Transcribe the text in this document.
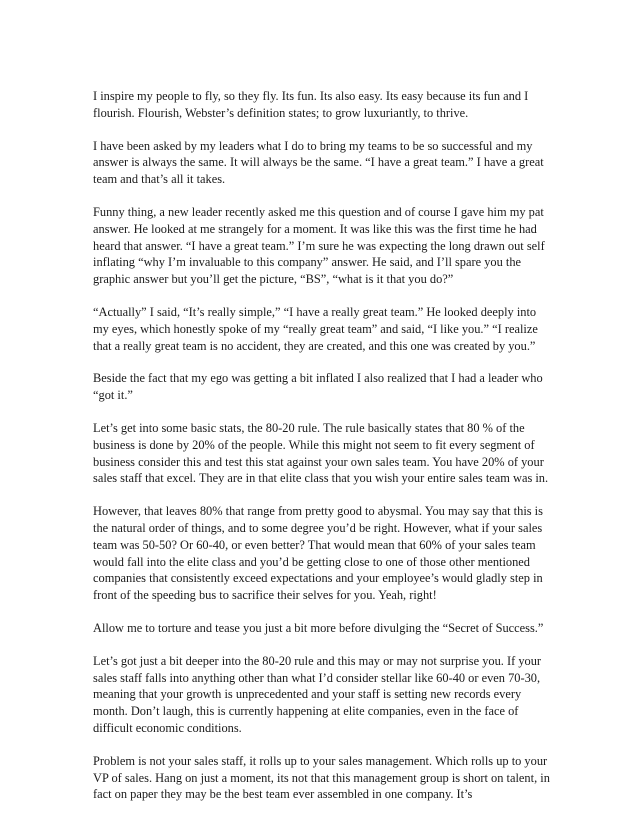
I inspire my people to fly, so they fly. Its fun. Its also easy. Its easy because its fun and I flourish. Flourish, Webster’s definition states; to grow luxuriantly, to thrive.

I have been asked by my leaders what I do to bring my teams to be so successful and my answer is always the same. It will always be the same. “I have a great team.” I have a great team and that’s all it takes.

Funny thing, a new leader recently asked me this question and of course I gave him my pat answer. He looked at me strangely for a moment. It was like this was the first time he had heard that answer. “I have a great team.” I’m sure he was expecting the long drawn out self inflating “why I’m invaluable to this company” answer. He said, and I’ll spare you the graphic answer but you’ll get the picture, “BS”, “what is it that you do?”

“Actually” I said, “It’s really simple,” “I have a really great team.” He looked deeply into my eyes, which honestly spoke of my “really great team” and said, “I like you.” “I realize that a really great team is no accident, they are created, and this one was created by you.”

Beside the fact that my ego was getting a bit inflated I also realized that I had a leader who “got it.”

Let’s get into some basic stats, the 80-20 rule. The rule basically states that 80 % of the business is done by 20% of the people. While this might not seem to fit every segment of business consider this and test this stat against your own sales team. You have 20% of your sales staff that excel. They are in that elite class that you wish your entire sales team was in.

However, that leaves 80% that range from pretty good to abysmal. You may say that this is the natural order of things, and to some degree you’d be right. However, what if your sales team was 50-50? Or 60-40, or even better? That would mean that 60% of your sales team would fall into the elite class and you’d be getting close to one of those other mentioned companies that consistently exceed expectations and your employee’s would gladly step in front of the speeding bus to sacrifice their selves for you. Yeah, right!

Allow me to torture and tease you just a bit more before divulging the “Secret of Success.”

Let’s got just a bit deeper into the 80-20 rule and this may or may not surprise you. If your sales staff falls into anything other than what I’d consider stellar like 60-40 or even 70-30, meaning that your growth is unprecedented and your staff is setting new records every month. Don’t laugh, this is currently happening at elite companies, even in the face of difficult economic conditions.

Problem is not your sales staff, it rolls up to your sales management. Which rolls up to your VP of sales. Hang on just a moment, its not that this management group is short on talent, in fact on paper they may be the best team ever assembled in one company. It’s
